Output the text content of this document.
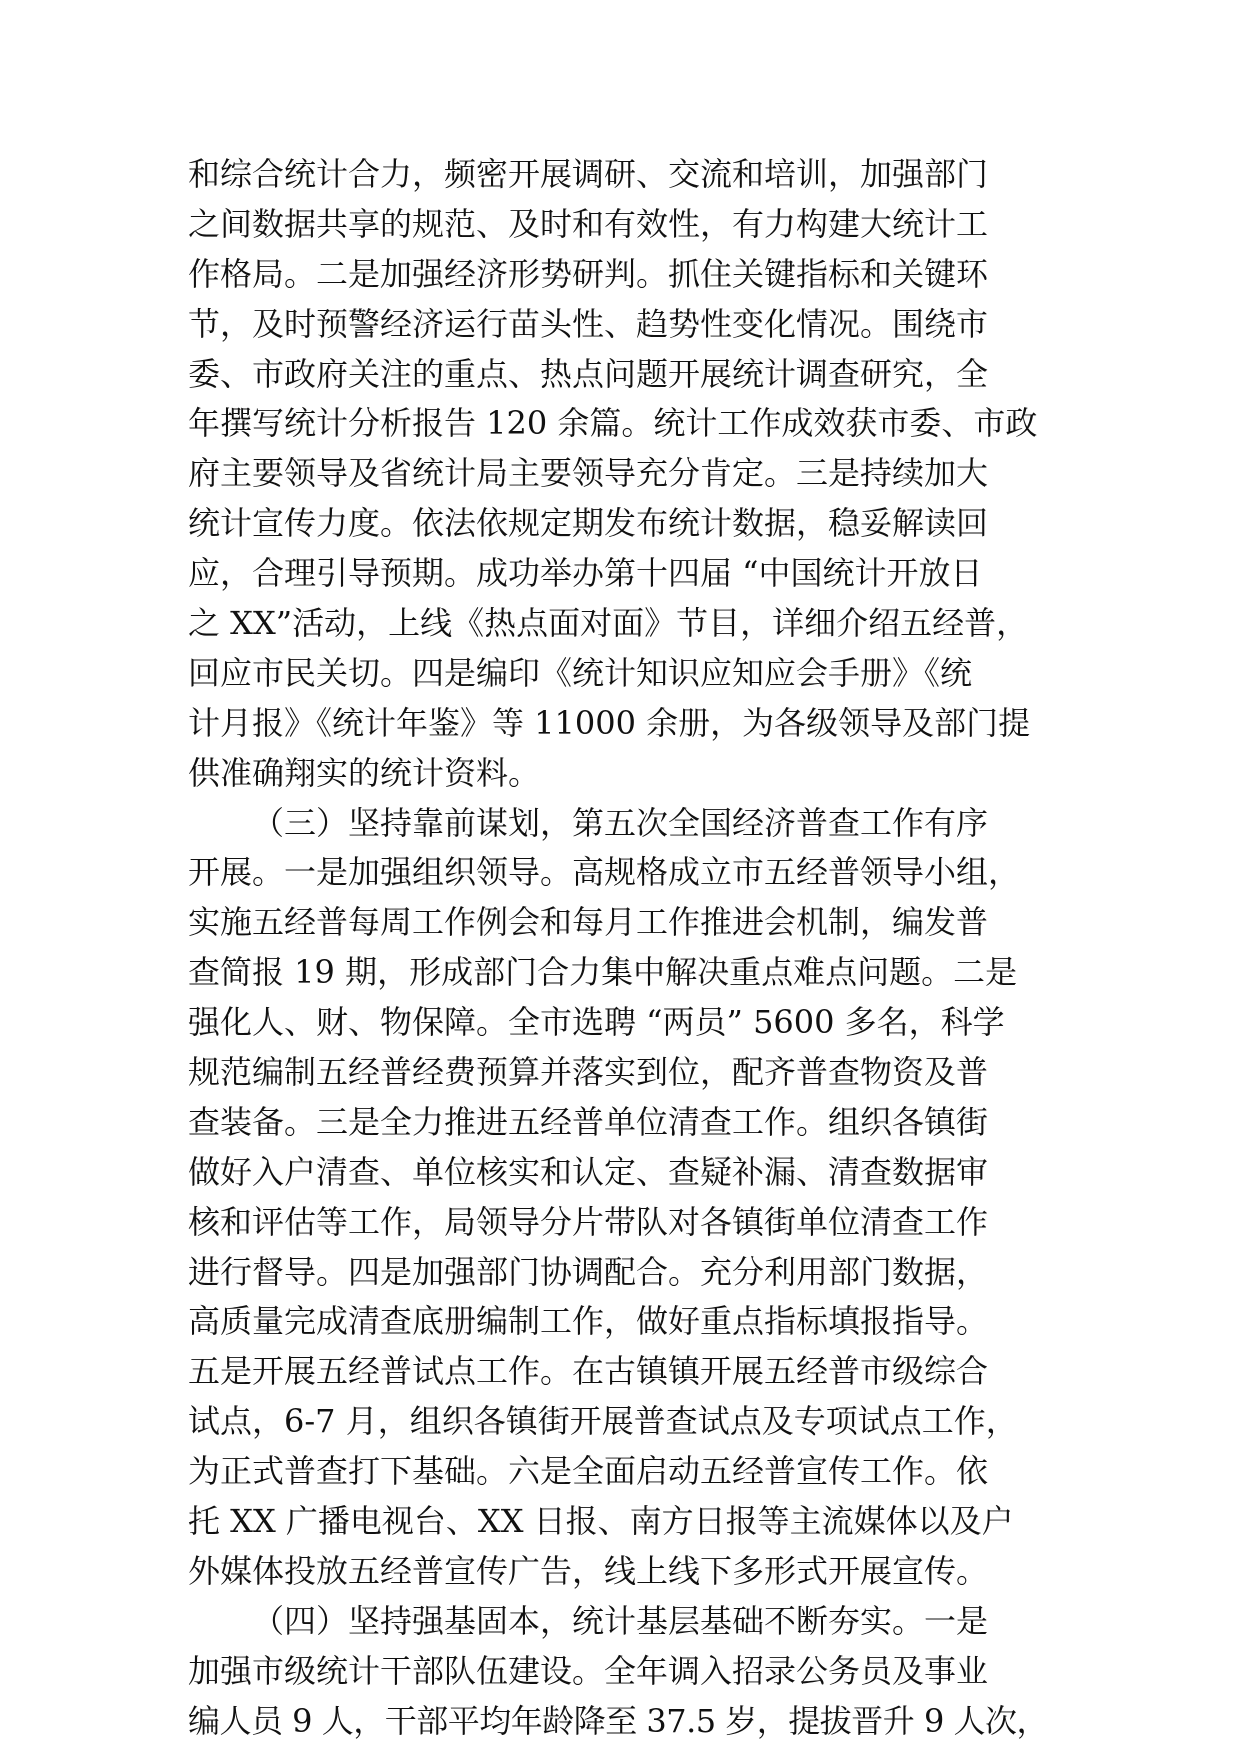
和综合统计合力，频密开展调研、交流和培训，加强部门
之间数据共享的规范、及时和有效性，有力构建大统计工
作格局。二是加强经济形势研判。抓住关键指标和关键环
节，及时预警经济运行苗头性、趋势性变化情况。围绕市
委、市政府关注的重点、热点问题开展统计调查研究，全
年撰写统计分析报告 120 余篇。统计工作成效获市委、市政
府主要领导及省统计局主要领导充分肯定。三是持续加大
统计宣传力度。依法依规定期发布统计数据，稳妥解读回
应，合理引导预期。成功举办第十四届 “中国统计开放日
之 XX”活动，上线《热点面对面》节目，详细介绍五经普，
回应市民关切。四是编印《统计知识应知应会手册》《统
计月报》《统计年鉴》等 11000 余册，为各级领导及部门提
供准确翔实的统计资料。
（三）坚持靠前谋划，第五次全国经济普查工作有序
开展。一是加强组织领导。高规格成立市五经普领导小组，
实施五经普每周工作例会和每月工作推进会机制，编发普
查简报 19 期，形成部门合力集中解决重点难点问题。二是
强化人、财、物保障。全市选聘 “两员” 5600 多名，科学
规范编制五经普经费预算并落实到位，配齐普查物资及普
查装备。三是全力推进五经普单位清查工作。组织各镇街
做好入户清查、单位核实和认定、查疑补漏、清查数据审
核和评估等工作，局领导分片带队对各镇街单位清查工作
进行督导。四是加强部门协调配合。充分利用部门数据，
高质量完成清查底册编制工作，做好重点指标填报指导。
五是开展五经普试点工作。在古镇镇开展五经普市级综合
试点，6-7 月，组织各镇街开展普查试点及专项试点工作，
为正式普查打下基础。六是全面启动五经普宣传工作。依
托 XX 广播电视台、XX 日报、南方日报等主流媒体以及户
外媒体投放五经普宣传广告，线上线下多形式开展宣传。
（四）坚持强基固本，统计基层基础不断夯实。一是
加强市级统计干部队伍建设。全年调入招录公务员及事业
编人员 9 人，干部平均年龄降至 37.5 岁，提拔晋升 9 人次，
